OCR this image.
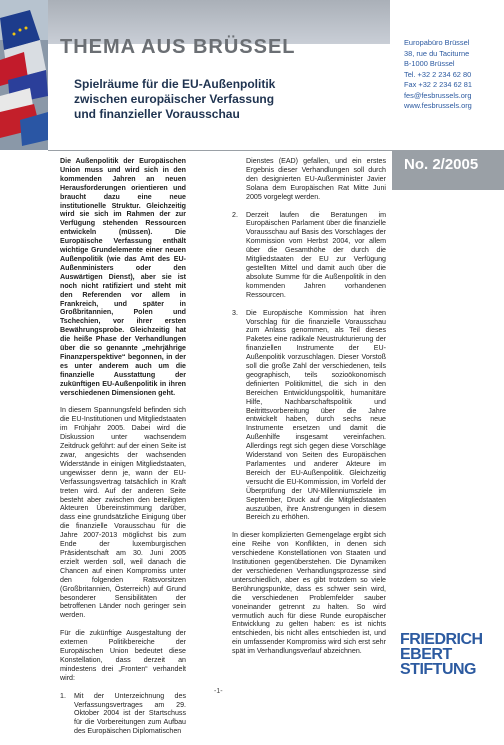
THEMA AUS BRÜSSEL
Spielräume für die EU-Außenpolitik
zwischen europäischer Verfassung
und finanzieller Vorausschau
Europabüro Brüssel
38, rue du Taciturne
B-1000 Brüssel
Tel. +32 2 234 62 80
Fax +32 2 234 62 81
fes@fesbrussels.org
www.fesbrussels.org
No. 2/2005

Die Außenpolitik der Europäischen Union muss und wird sich in den kommenden Jahren an neuen Herausforderungen orientieren und braucht dazu eine neue institutionelle Struktur. Gleichzeitig wird sie sich im Rahmen der zur Verfügung stehenden Ressourcen entwickeln (müssen). Die Europäische Verfassung enthält wichtige Grundelemente einer neuen Außenpolitik (wie das Amt des EU-Außenministers oder den Auswärtigen Dienst), aber sie ist noch nicht ratifiziert und steht mit den Referenden vor allem in Frankreich, und später in Großbritannien, Polen und Tschechien, vor ihrer ersten Bewährungsprobe. Gleichzeitig hat die heiße Phase der Verhandlungen über die so genannte „mehrjährige Finanzperspektive“ begonnen, in der es unter anderem auch um die finanzielle Ausstattung der zukünftigen EU-Außenpolitik in ihren verschiedenen Dimensionen geht.

In diesem Spannungsfeld befinden sich die EU-Institutionen und Mitgliedstaaten im Frühjahr 2005. Dabei wird die Diskussion unter wachsendem Zeitdruck geführt: auf der einen Seite ist zwar, angesichts der wachsenden Widerstände in einigen Mitgliedstaaten, ungewisser denn je, wann der EU-Verfassungsvertrag tatsächlich in Kraft treten wird. Auf der anderen Seite besteht aber zwischen den beteiligten Akteuren Übereinstimmung darüber, dass eine grundsätzliche Einigung über die finanzielle Vorausschau für die Jahre 2007-2013 möglichst bis zum Ende der luxemburgischen Präsidentschaft am 30. Juni 2005 erzielt werden soll, weil danach die Chancen auf einen Kompromiss unter den folgenden Ratsvorsitzen (Großbritannien, Österreich) auf Grund besonderer Sensibilitäten der betroffenen Länder noch geringer sein werden.

Für die zukünftige Ausgestaltung der externen Politikbereiche der Europäischen Union bedeutet diese Konstellation, dass derzeit an mindestens drei „Fronten“ verhandelt wird:

1.	Mit der Unterzeichnung des Verfassungsvertrages am 29. Oktober 2004 ist der Startschuss für die Vorbereitungen zum Aufbau des Europäischen Diplomatischen

Dienstes (EAD) gefallen, und ein erstes Ergebnis dieser Verhandlungen soll durch den designierten EU-Außenminister Javier Solana dem Europäischen Rat Mitte Juni 2005 vorgelegt werden.

2.	Derzeit laufen die Beratungen im Europäischen Parlament über die finanzielle Vorausschau auf Basis des Vorschlages der Kommission vom Herbst 2004, vor allem über die Gesamthöhe der durch die Mitgliedstaaten der EU zur Verfügung gestellten Mittel und damit auch über die absolute Summe für die Außenpolitik in den kommenden Jahren vorhandenen Ressourcen.
3.	Die Europäische Kommission hat ihren Vorschlag für die finanzielle Vorausschau zum Anlass genommen, als Teil dieses Paketes eine radikale Neustrukturierung der finanziellen Instrumente der EU-Außenpolitik vorzuschlagen. Dieser Vorstoß soll die große Zahl der verschiedenen, teils geographisch, teils sozioökonomisch definierten Politikmittel, die sich in den Bereichen Entwicklungspolitik, humanitäre Hilfe, Nachbarschaftspolitik und Beitrittsvorbereitung über die Jahre entwickelt haben, durch sechs neue Instrumente ersetzen und damit die Außenhilfe insgesamt vereinfachen. Allerdings regt sich gegen diese Vorschläge Widerstand von Seiten des Europäischen Parlamentes und anderer Akteure im Bereich der EU-Außenpolitik. Gleichzeitig versucht die EU-Kommission, im Vorfeld der Überprüfung der UN-Millenniumsziele im September, Druck auf die Mitgliedstaaten auszuüben, ihre Anstrengungen in diesem Bereich zu erhöhen.

In dieser komplizierten Gemengelage ergibt sich eine Reihe von Konflikten, in denen sich verschiedene Konstellationen von Staaten und Institutionen gegenüberstehen. Die Dynamiken der verschiedenen Verhandlungsprozesse sind unterschiedlich, aber es gibt trotzdem so viele Berührungspunkte, dass es schwer sein wird, die verschiedenen Problemfelder sauber voneinander getrennt zu halten. So wird vermutlich auch für diese Runde europäischer Entwicklung zu gelten haben: es ist nichts entschieden, bis nicht alles entschieden ist, und ein umfassender Kompromiss wird sich erst sehr spät im Verhandlungsverlauf abzeichnen.

-1-
FRIEDRICH
EBERT
STIFTUNG
